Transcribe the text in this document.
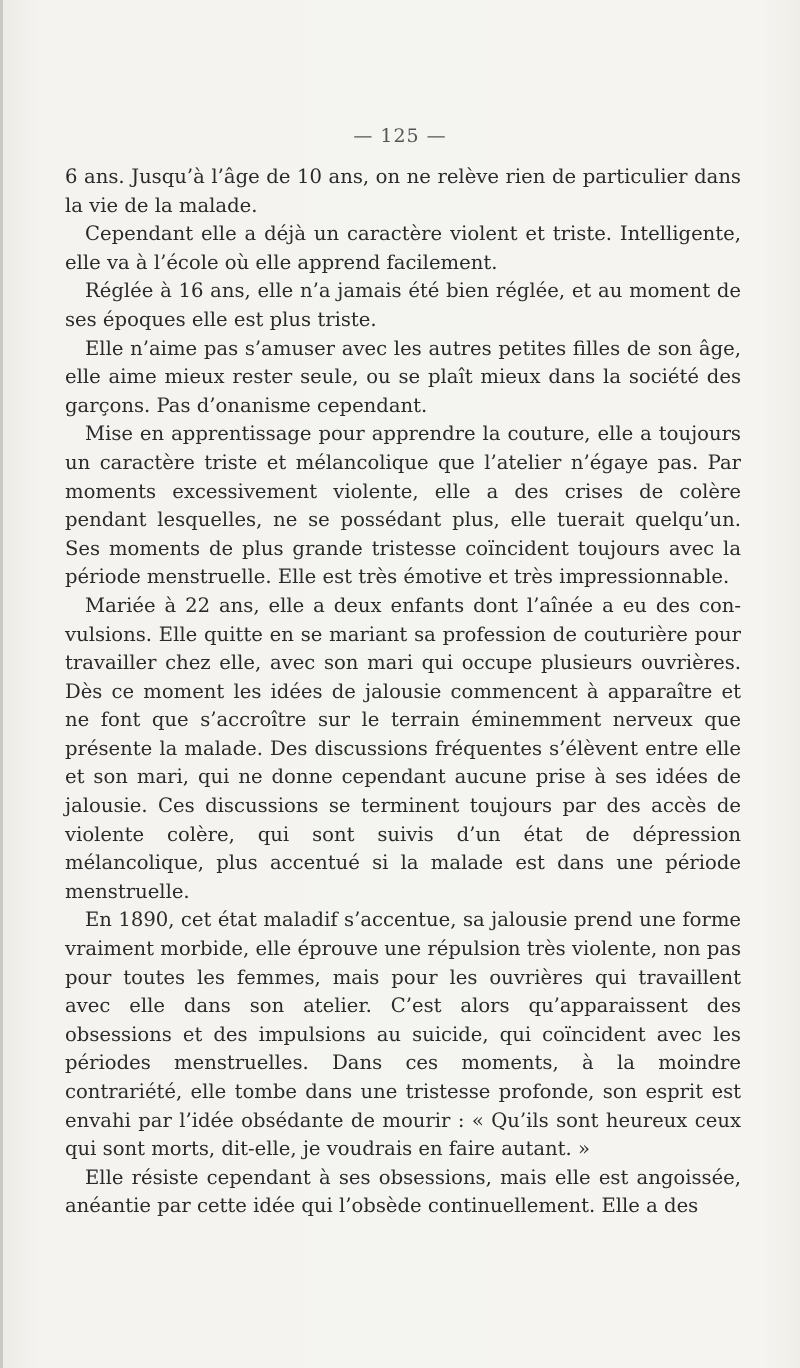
— 125 —

6 ans. Jusqu’à l’âge de 10 ans, on ne relève rien de particulier dans la vie de la malade.

Cependant elle a déjà un caractère violent et triste. Intelligente, elle va à l’école où elle apprend facilement.

Réglée à 16 ans, elle n’a jamais été bien réglée, et au moment de ses époques elle est plus triste.

Elle n’aime pas s’amuser avec les autres petites filles de son âge, elle aime mieux rester seule, ou se plaît mieux dans la société des garçons. Pas d’onanisme cependant.

Mise en apprentissage pour apprendre la couture, elle a toujours un caractère triste et mélancolique que l’atelier n’égaye pas. Par moments excessivement violente, elle a des crises de colère pendant lesquelles, ne se possédant plus, elle tuerait quelqu’un. Ses moments de plus grande tristesse coïncident toujours avec la période menstruelle. Elle est très émotive et très impressionnable.

Mariée à 22 ans, elle a deux enfants dont l’aînée a eu des convulsions. Elle quitte en se mariant sa profession de couturière pour travailler chez elle, avec son mari qui occupe plusieurs ouvrières. Dès ce moment les idées de jalousie commencent à apparaître et ne font que s’accroître sur le terrain éminemment nerveux que présente la malade. Des discussions fréquentes s’élèvent entre elle et son mari, qui ne donne cependant aucune prise à ses idées de jalousie. Ces discussions se terminent toujours par des accès de violente colère, qui sont suivis d’un état de dépression mélancolique, plus accentué si la malade est dans une période menstruelle.

En 1890, cet état maladif s’accentue, sa jalousie prend une forme vraiment morbide, elle éprouve une répulsion très violente, non pas pour toutes les femmes, mais pour les ouvrières qui travaillent avec elle dans son atelier. C’est alors qu’apparaissent des obsessions et des impulsions au suicide, qui coïncident avec les périodes menstruelles. Dans ces moments, à la moindre contrariété, elle tombe dans une tristesse profonde, son esprit est envahi par l’idée obsédante de mourir : « Qu’ils sont heureux ceux qui sont morts, dit-elle, je voudrais en faire autant. »

Elle résiste cependant à ses obsessions, mais elle est angoissée, anéantie par cette idée qui l’obsède continuellement. Elle a des
